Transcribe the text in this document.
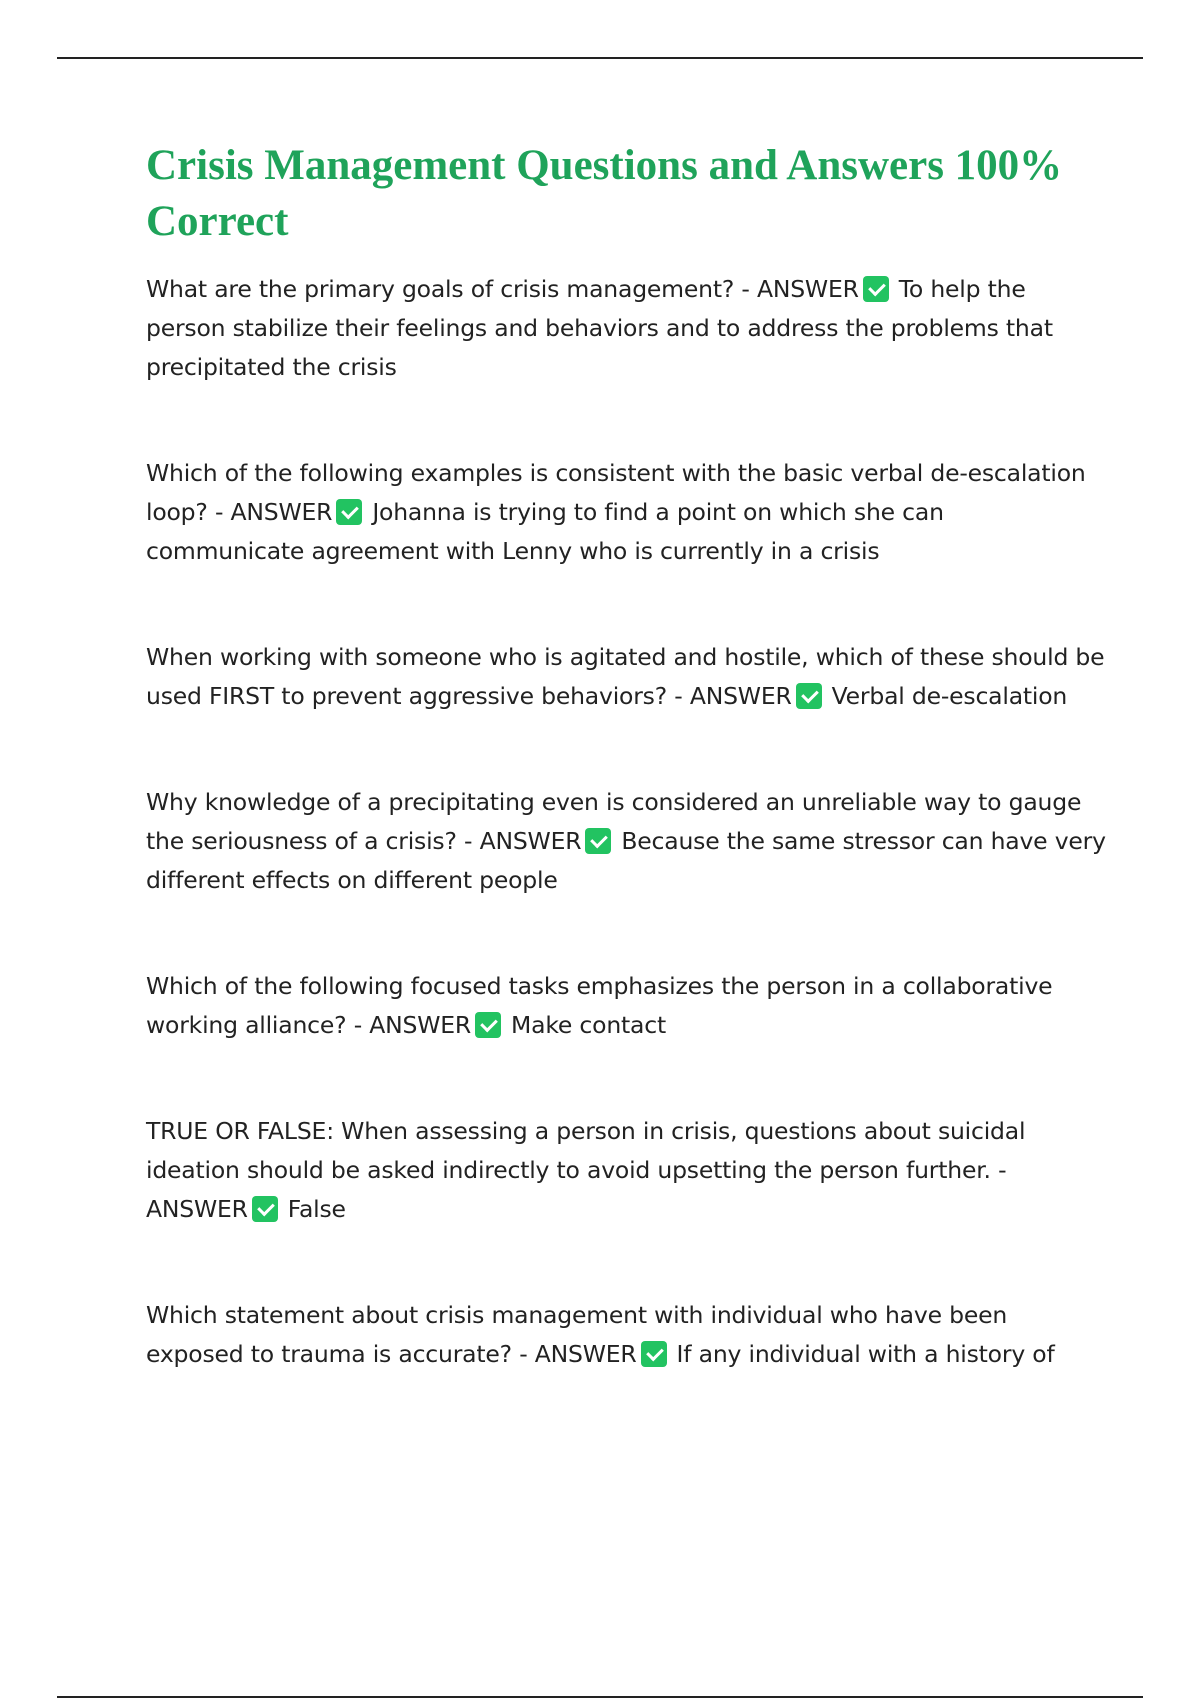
Crisis Management Questions and Answers 100% Correct

What are the primary goals of crisis management? - ANSWER To help the person stabilize their feelings and behaviors and to address the problems that precipitated the crisis

Which of the following examples is consistent with the basic verbal de-escalation loop? - ANSWER Johanna is trying to find a point on which she can communicate agreement with Lenny who is currently in a crisis

When working with someone who is agitated and hostile, which of these should be used FIRST to prevent aggressive behaviors? - ANSWER Verbal de-escalation

Why knowledge of a precipitating even is considered an unreliable way to gauge the seriousness of a crisis? - ANSWER Because the same stressor can have very different effects on different people

Which of the following focused tasks emphasizes the person in a collaborative working alliance? - ANSWER Make contact

TRUE OR FALSE: When assessing a person in crisis, questions about suicidal ideation should be asked indirectly to avoid upsetting the person further. - ANSWER False

Which statement about crisis management with individual who have been exposed to trauma is accurate? - ANSWER If any individual with a history of
